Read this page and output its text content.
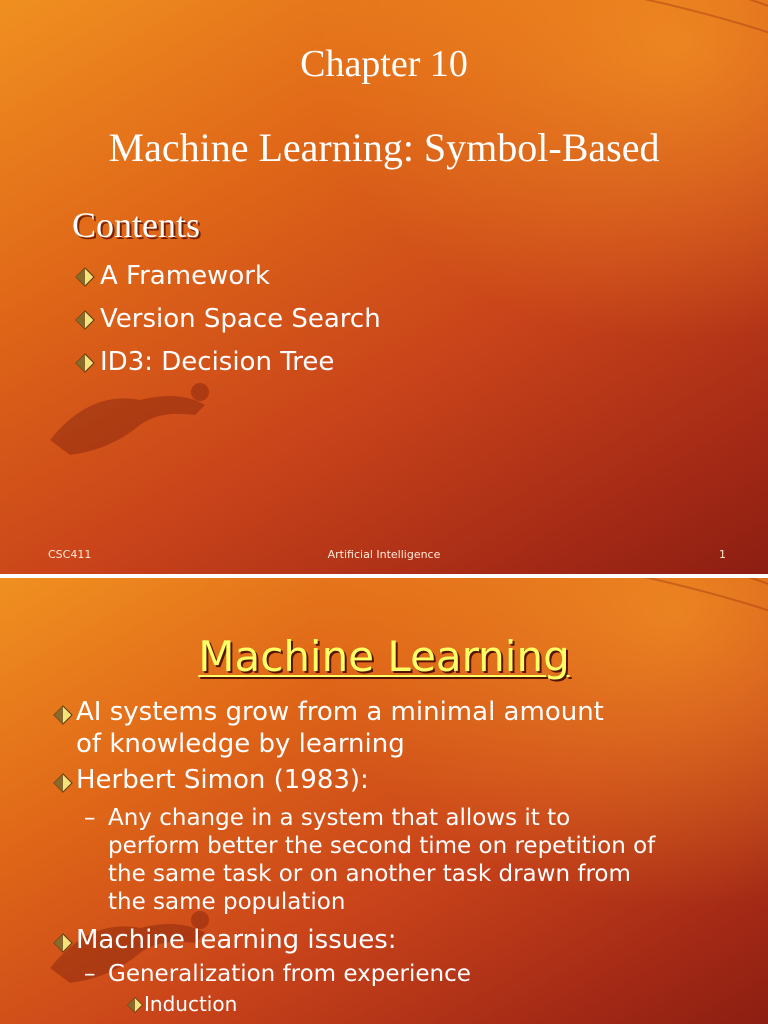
Chapter 10
Machine Learning: Symbol-Based
Contents
A Framework
Version Space Search
ID3: Decision Tree
CSC411	Artificial Intelligence	1
Machine Learning
AI systems grow from a minimal amount
of knowledge by learning
Herbert Simon (1983):
– Any change in a system that allows it to
perform better the second time on repetition of
the same task or on another task drawn from
the same population
Machine learning issues:
– Generalization from experience
Induction
